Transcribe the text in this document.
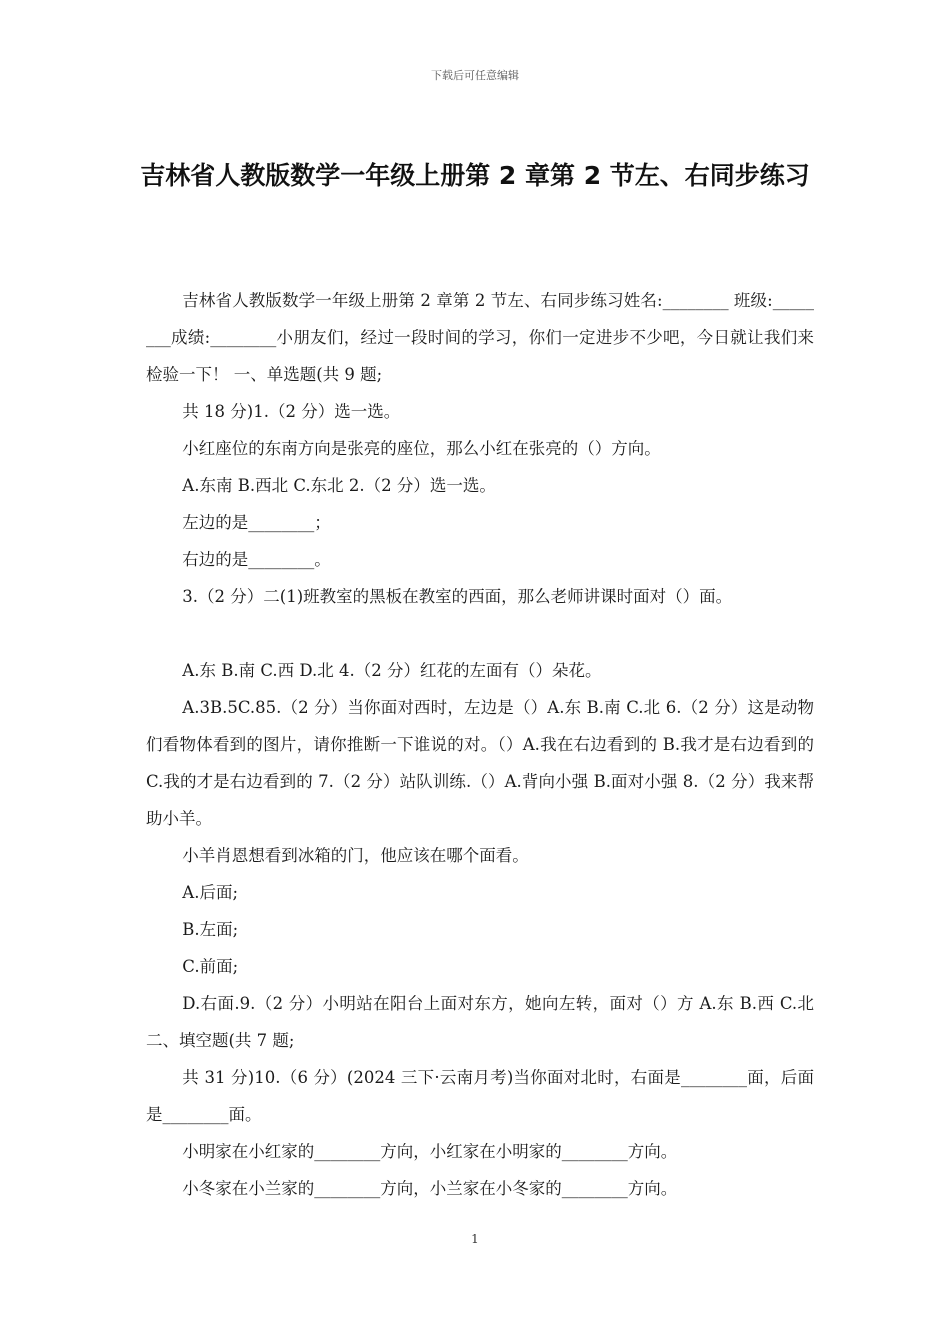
下载后可任意编辑
吉林省人教版数学一年级上册第 2 章第 2 节左、右同步练习

吉林省人教版数学一年级上册第 2 章第 2 节左、右同步练习姓名:________ 班级:________成绩:________小朋友们，经过一段时间的学习，你们一定进步不少吧，今日就让我们来检验一下！ 一、单选题(共 9 题;

共 18 分)1.（2 分）选一选。

小红座位的东南方向是张亮的座位，那么小红在张亮的（）方向。

A.东南 B.西北 C.东北 2.（2 分）选一选。

左边的是________；

右边的是________。

3.（2 分）二(1)班教室的黑板在教室的西面，那么老师讲课时面对（）面。

A.东 B.南 C.西 D.北 4.（2 分）红花的左面有（）朵花。

A.3B.5C.85.（2 分）当你面对西时，左边是（）A.东 B.南 C.北 6.（2 分）这是动物们看物体看到的图片，请你推断一下谁说的对。（）A.我在右边看到的 B.我才是右边看到的 C.我的才是右边看到的 7.（2 分）站队训练.（）A.背向小强 B.面对小强 8.（2 分）我来帮助小羊。

小羊肖恩想看到冰箱的门，他应该在哪个面看。

A.后面;

B.左面;

C.前面;

D.右面.9.（2 分）小明站在阳台上面对东方，她向左转，面对（）方 A.东 B.西 C.北二、填空题(共 7 题;

共 31 分)10.（6 分）(2024 三下·云南月考)当你面对北时，右面是________面，后面是________面。

小明家在小红家的________方向，小红家在小明家的________方向。

小冬家在小兰家的________方向，小兰家在小冬家的________方向。

1
